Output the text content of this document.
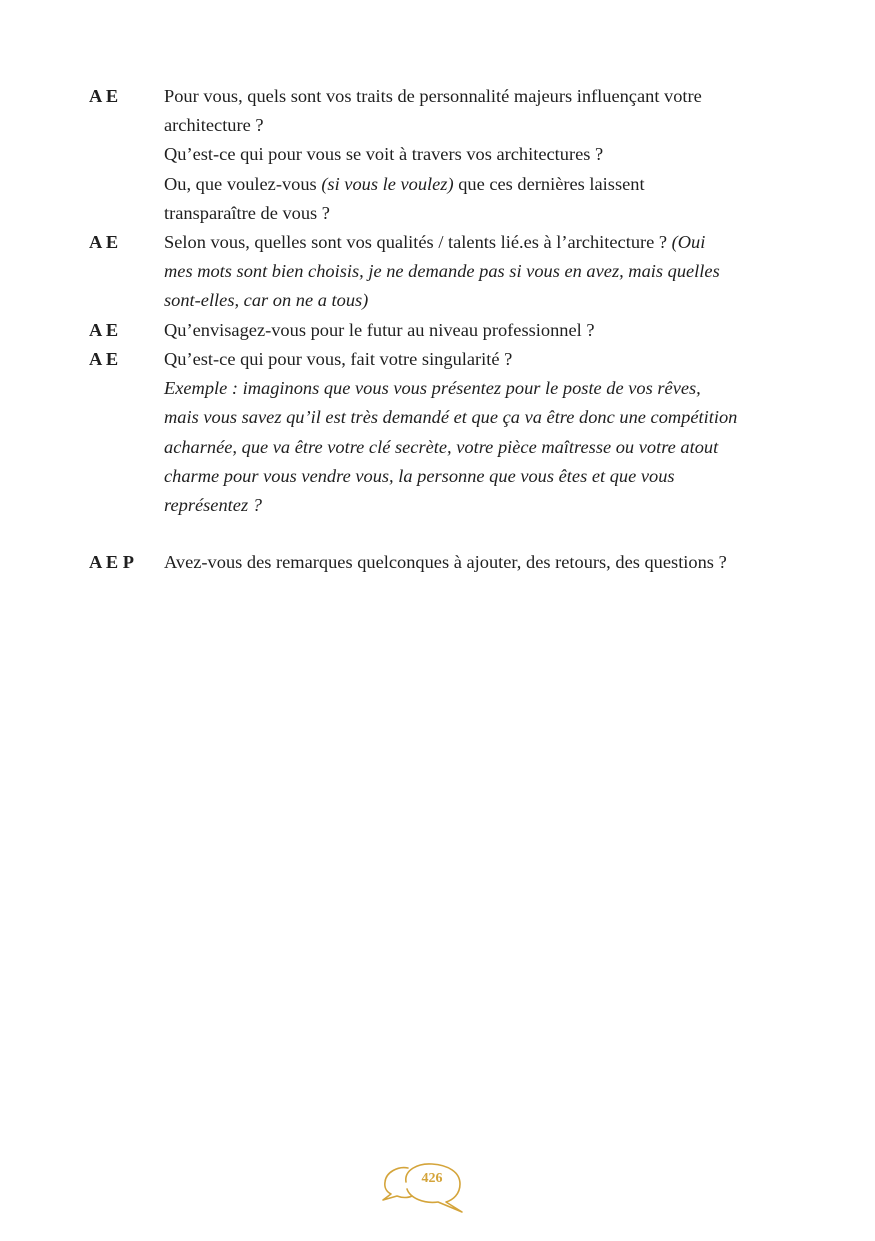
A E	Pour vous, quels sont vos traits de personnalité majeurs influençant votre
architecture ?
Qu’est-ce qui pour vous se voit à travers vos architectures ?
Ou, que voulez-vous (si vous le voulez) que ces dernières laissent
transparaître de vous ?
A E	Selon vous, quelles sont vos qualités / talents lié.es à l’architecture ? (Oui
mes mots sont bien choisis, je ne demande pas si vous en avez, mais quelles
sont-elles, car on ne a tous)
A E	Qu’envisagez-vous pour le futur au niveau professionnel ?
A E	Qu’est-ce qui pour vous, fait votre singularité ?
Exemple : imaginons que vous vous présentez pour le poste de vos rêves,
mais vous savez qu’il est très demandé et que ça va être donc une compétition
acharnée, que va être votre clé secrète, votre pièce maîtresse ou votre atout
charme pour vous vendre vous, la personne que vous êtes et que vous
représentez ?
A E P	Avez-vous des remarques quelconques à ajouter, des retours, des questions ?
426
